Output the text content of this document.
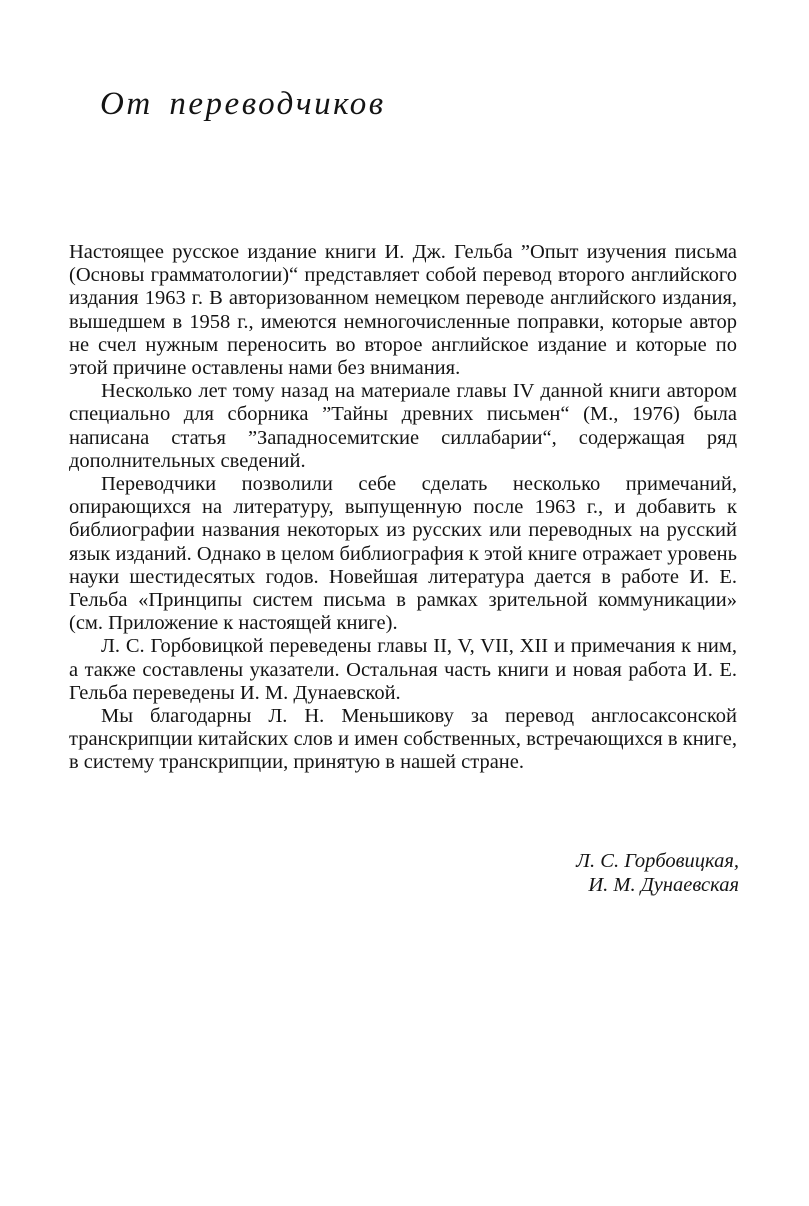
От переводчиков

Настоящее русское издание книги И. Дж. Гельба ”Опыт изучения письма (Основы грамматологии)“ представляет собой перевод второго английского издания 1963 г. В авторизованном немецком переводе английского издания, вышедшем в 1958 г., имеются немногочисленные поправки, которые автор не счел нужным переносить во второе английское издание и которые по этой причине оставлены нами без внимания.

Несколько лет тому назад на материале главы IV данной книги автором специально для сборника ”Тайны древних письмен“ (М., 1976) была написана статья ”Западносемитские силлабарии“, содержащая ряд дополнительных сведений.

Переводчики позволили себе сделать несколько примечаний, опирающихся на литературу, выпущенную после 1963 г., и добавить к библиографии названия некоторых из русских или переводных на русский язык изданий. Однако в целом библиография к этой книге отражает уровень науки шестидесятых годов. Новейшая литература дается в работе И. Е. Гельба «Принципы систем письма в рамках зрительной коммуникации» (см. Приложение к настоящей книге).

Л. С. Горбовицкой переведены главы II, V, VII, XII и примечания к ним, а также составлены указатели. Остальная часть книги и новая работа И. Е. Гельба переведены И. М. Дунаевской.

Мы благодарны Л. Н. Меньшикову за перевод англосаксонской транскрипции китайских слов и имен собственных, встречающихся в книге, в систему транскрипции, принятую в нашей стране.

Л. С. Горбовицкая,
И. М. Дунаевская
